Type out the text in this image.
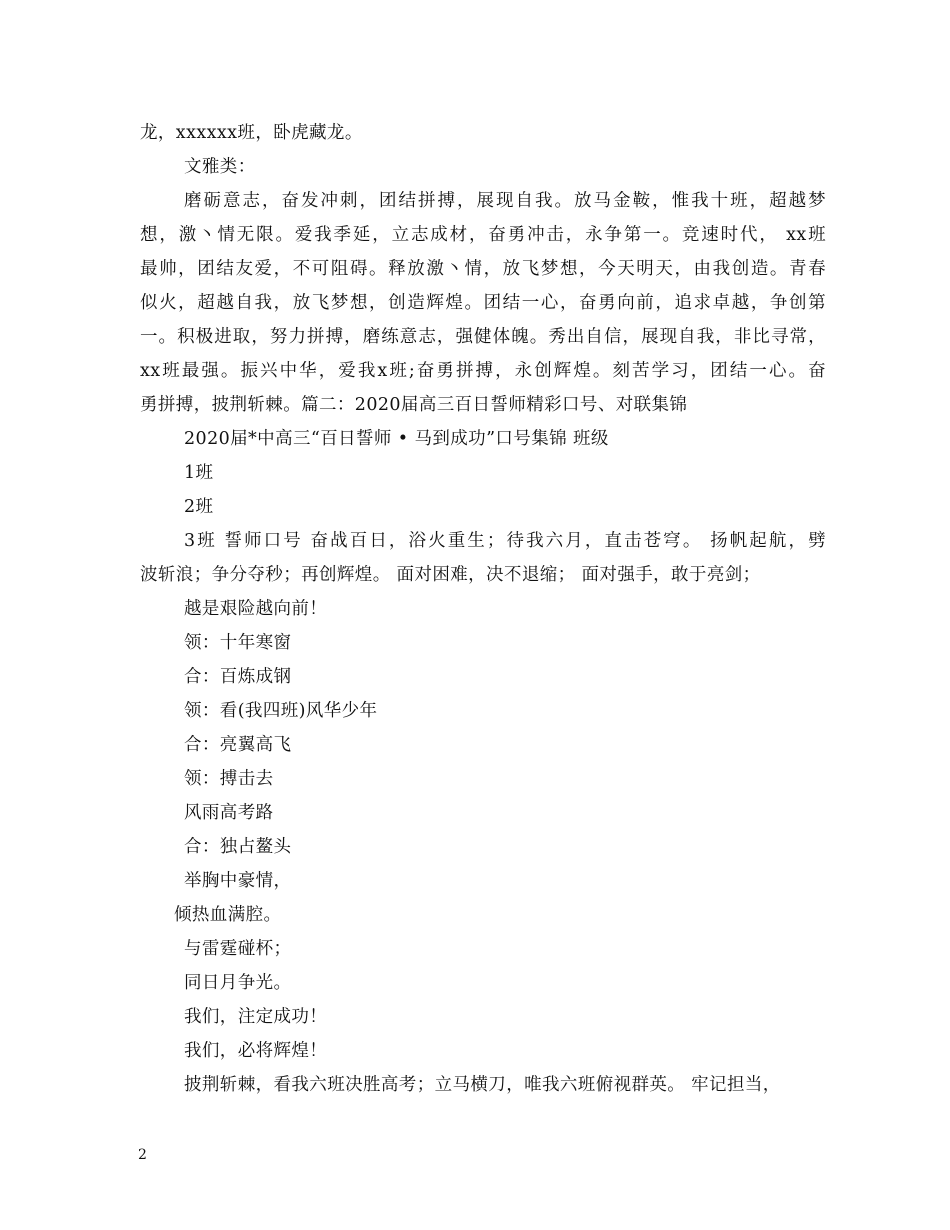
龙，xxxxxx班，卧虎藏龙。
文雅类：
磨砺意志，奋发冲刺，团结拼搏，展现自我。放马金鞍，惟我十班，超越梦
想，激丶情无限。爱我季延，立志成材，奋勇冲击，永争第一。竞速时代， xx班
最帅，团结友爱，不可阻碍。释放激丶情，放飞梦想，今天明天，由我创造。青春
似火，超越自我，放飞梦想，创造辉煌。团结一心，奋勇向前，追求卓越，争创第
一。积极进取，努力拼搏，磨练意志，强健体魄。秀出自信，展现自我，非比寻常，
xx班最强。振兴中华，爱我x班;奋勇拼搏，永创辉煌。刻苦学习，团结一心。奋
勇拼搏，披荆斩棘。篇二：2020届高三百日誓师精彩口号、对联集锦
2020届*中高三“百日誓师 • 马到成功”口号集锦 班级
1班
2班
3班 誓师口号 奋战百日，浴火重生；待我六月，直击苍穹。 扬帆起航，劈
波斩浪；争分夺秒；再创辉煌。 面对困难，决不退缩； 面对强手，敢于亮剑；
越是艰险越向前！
领：十年寒窗
合：百炼成钢
领：看(我四班)风华少年
合：亮翼高飞
领：搏击去
风雨高考路
合：独占鳌头
举胸中豪情，
倾热血满腔。
与雷霆碰杯；
同日月争光。
我们，注定成功！
我们，必将辉煌！
披荆斩棘，看我六班决胜高考；立马横刀，唯我六班俯视群英。 牢记担当，
2
